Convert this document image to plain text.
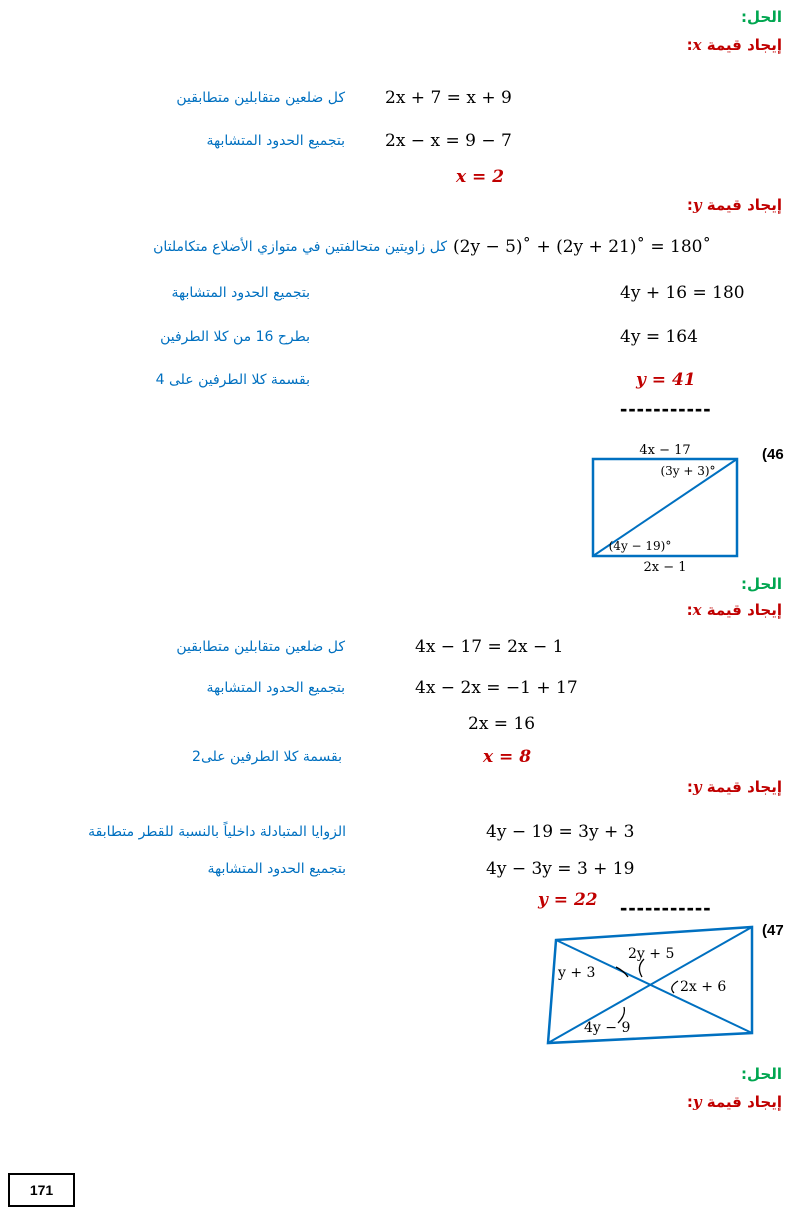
الحل:
إيجاد قيمة x:
2x + 7 = x + 9
كل ضلعين متقابلين متطابقين
2x − x = 9 − 7
بتجميع الحدود المتشابهة
x = 2
إيجاد قيمة y:
(2y − 5)˚ + (2y + 21)˚ = 180˚
كل زاويتين متحالفتين في متوازي الأضلاع متكاملتان
4y + 16 = 180
بتجميع الحدود المتشابهة
4y = 164
بطرح 16 من كلا الطرفين
y = 41
بقسمة كلا الطرفين على 4
-----------
(46
4x − 17
(3y + 3)°
(4y − 19)°
2x − 1
الحل:
إيجاد قيمة x:
4x − 17 = 2x − 1
كل ضلعين متقابلين متطابقين
4x − 2x = −1 + 17
بتجميع الحدود المتشابهة
2x = 16
x = 8
بقسمة كلا الطرفين على2
إيجاد قيمة y:
4y − 19 = 3y + 3
الزوايا المتبادلة داخلياً بالنسبة للقطر متطابقة
4y − 3y = 3 + 19
بتجميع الحدود المتشابهة
y = 22 -----------
(47
2y + 5
y + 3
2x + 6
4y − 9
الحل:
إيجاد قيمة y:
171
